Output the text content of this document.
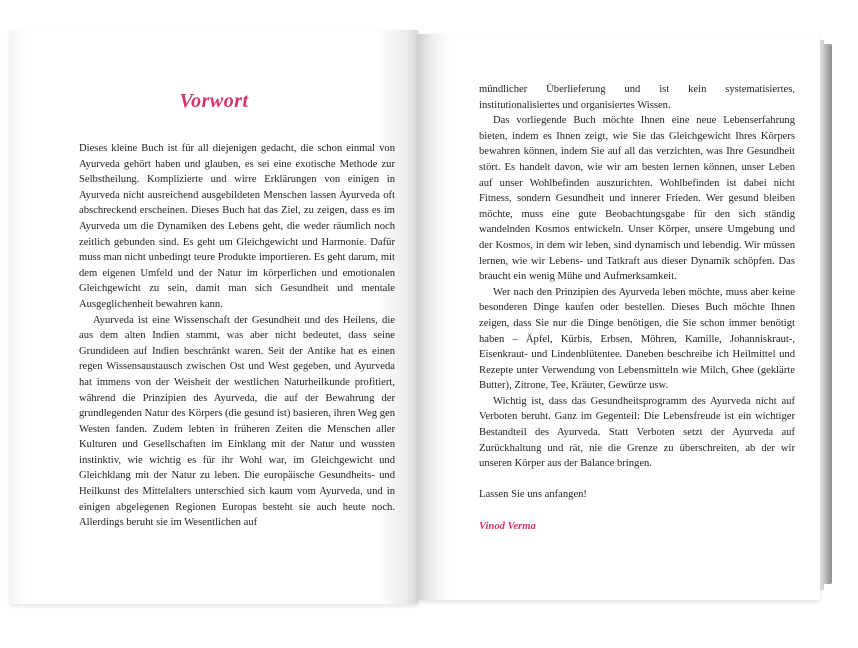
Vorwort

Dieses kleine Buch ist für all diejenigen gedacht, die schon einmal von Ayurveda gehört haben und glauben, es sei eine exotische Methode zur Selbstheilung. Komplizierte und wirre Erklärungen von einigen in Ayurveda nicht ausreichend ausgebildeten Menschen lassen Ayurveda oft abschreckend erscheinen. Dieses Buch hat das Ziel, zu zeigen, dass es im Ayurveda um die Dynamiken des Lebens geht, die weder räumlich noch zeitlich gebunden sind. Es geht um Gleichgewicht und Harmonie. Dafür muss man nicht unbedingt teure Produkte importieren. Es geht darum, mit dem eigenen Umfeld und der Natur im körperlichen und emotionalen Gleichgewicht zu sein, damit man sich Gesundheit und mentale Ausgeglichenheit bewahren kann.

Ayurveda ist eine Wissenschaft der Gesundheit und des Heilens, die aus dem alten Indien stammt, was aber nicht bedeutet, dass seine Grundideen auf Indien beschränkt waren. Seit der Antike hat es einen regen Wissensaustausch zwischen Ost und West gegeben, und Ayurveda hat immens von der Weisheit der westlichen Naturheilkunde profitiert, während die Prinzipien des Ayurveda, die auf der Bewahrung der grundlegenden Natur des Körpers (die gesund ist) basieren, ihren Weg gen Westen fanden. Zudem lebten in früheren Zeiten die Menschen aller Kulturen und Gesellschaften im Einklang mit der Natur und wussten instinktiv, wie wichtig es für ihr Wohl war, im Gleichgewicht und Gleichklang mit der Natur zu leben. Die europäische Gesundheits- und Heilkunst des Mittelalters unterschied sich kaum vom Ayurveda, und in einigen abgelegenen Regionen Europas besteht sie auch heute noch. Allerdings beruht sie im Wesentlichen auf

mündlicher Überlieferung und ist kein systematisiertes, institutionalisiertes und organisiertes Wissen.

Das vorliegende Buch möchte Ihnen eine neue Lebenserfahrung bieten, indem es Ihnen zeigt, wie Sie das Gleichgewicht Ihres Körpers bewahren können, indem Sie auf all das verzichten, was Ihre Gesundheit stört. Es handelt davon, wie wir am besten lernen können, unser Leben auf unser Wohlbefinden auszurichten. Wohlbefinden ist dabei nicht Fitness, sondern Gesundheit und innerer Frieden. Wer gesund bleiben möchte, muss eine gute Beobachtungsgabe für den sich ständig wandelnden Kosmos entwickeln. Unser Körper, unsere Umgebung und der Kosmos, in dem wir leben, sind dynamisch und lebendig. Wir müssen lernen, wie wir Lebens- und Tatkraft aus dieser Dynamik schöpfen. Das braucht ein wenig Mühe und Aufmerksamkeit.

Wer nach den Prinzipien des Ayurveda leben möchte, muss aber keine besonderen Dinge kaufen oder bestellen. Dieses Buch möchte Ihnen zeigen, dass Sie nur die Dinge benötigen, die Sie schon immer benötigt haben – Äpfel, Kürbis, Erbsen, Möhren, Kamille, Johanniskraut-, Eisenkraut- und Lindenblütentee. Daneben beschreibe ich Heilmittel und Rezepte unter Verwendung von Lebensmitteln wie Milch, Ghee (geklärte Butter), Zitrone, Tee, Kräuter, Gewürze usw.

Wichtig ist, dass das Gesundheitsprogramm des Ayurveda nicht auf Verboten beruht. Ganz im Gegenteil: Die Lebensfreude ist ein wichtiger Bestandteil des Ayurveda. Statt Verboten setzt der Ayurveda auf Zurückhaltung und rät, nie die Grenze zu überschreiten, ab der wir unseren Körper aus der Balance bringen.

Lassen Sie uns anfangen!

Vinod Verma
